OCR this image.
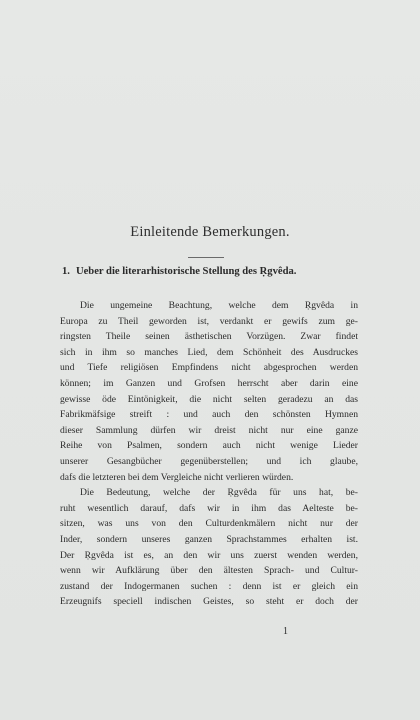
Einleitende Bemerkungen.
1. Ueber die literarhistorische Stellung des Ṛgvêda.
Die ungemeine Beachtung, welche dem Ṛgvêda in
Europa zu Theil geworden ist, verdankt er gewifs zum ge-
ringsten Theile seinen ästhetischen Vorzügen. Zwar findet
sich in ihm so manches Lied, dem Schönheit des Ausdruckes
und Tiefe religiösen Empfindens nicht abgesprochen werden
können; im Ganzen und Grofsen herrscht aber darin eine
gewisse öde Eintönigkeit, die nicht selten geradezu an das
Fabrikmäfsige streift : und auch den schönsten Hymnen
dieser Sammlung dürfen wir dreist nicht nur eine ganze
Reihe von Psalmen, sondern auch nicht wenige Lieder
unserer Gesangbücher gegenüberstellen; und ich glaube,
dafs die letzteren bei dem Vergleiche nicht verlieren würden.
Die Bedeutung, welche der Ṛgvêda für uns hat, be-
ruht wesentlich darauf, dafs wir in ihm das Aelteste be-
sitzen, was uns von den Culturdenkmälern nicht nur der
Inder, sondern unseres ganzen Sprachstammes erhalten ist.
Der Ṛgvêda ist es, an den wir uns zuerst wenden werden,
wenn wir Aufklärung über den ältesten Sprach- und Cultur-
zustand der Indogermanen suchen : denn ist er gleich ein
Erzeugnifs speciell indischen Geistes, so steht er doch der
1
